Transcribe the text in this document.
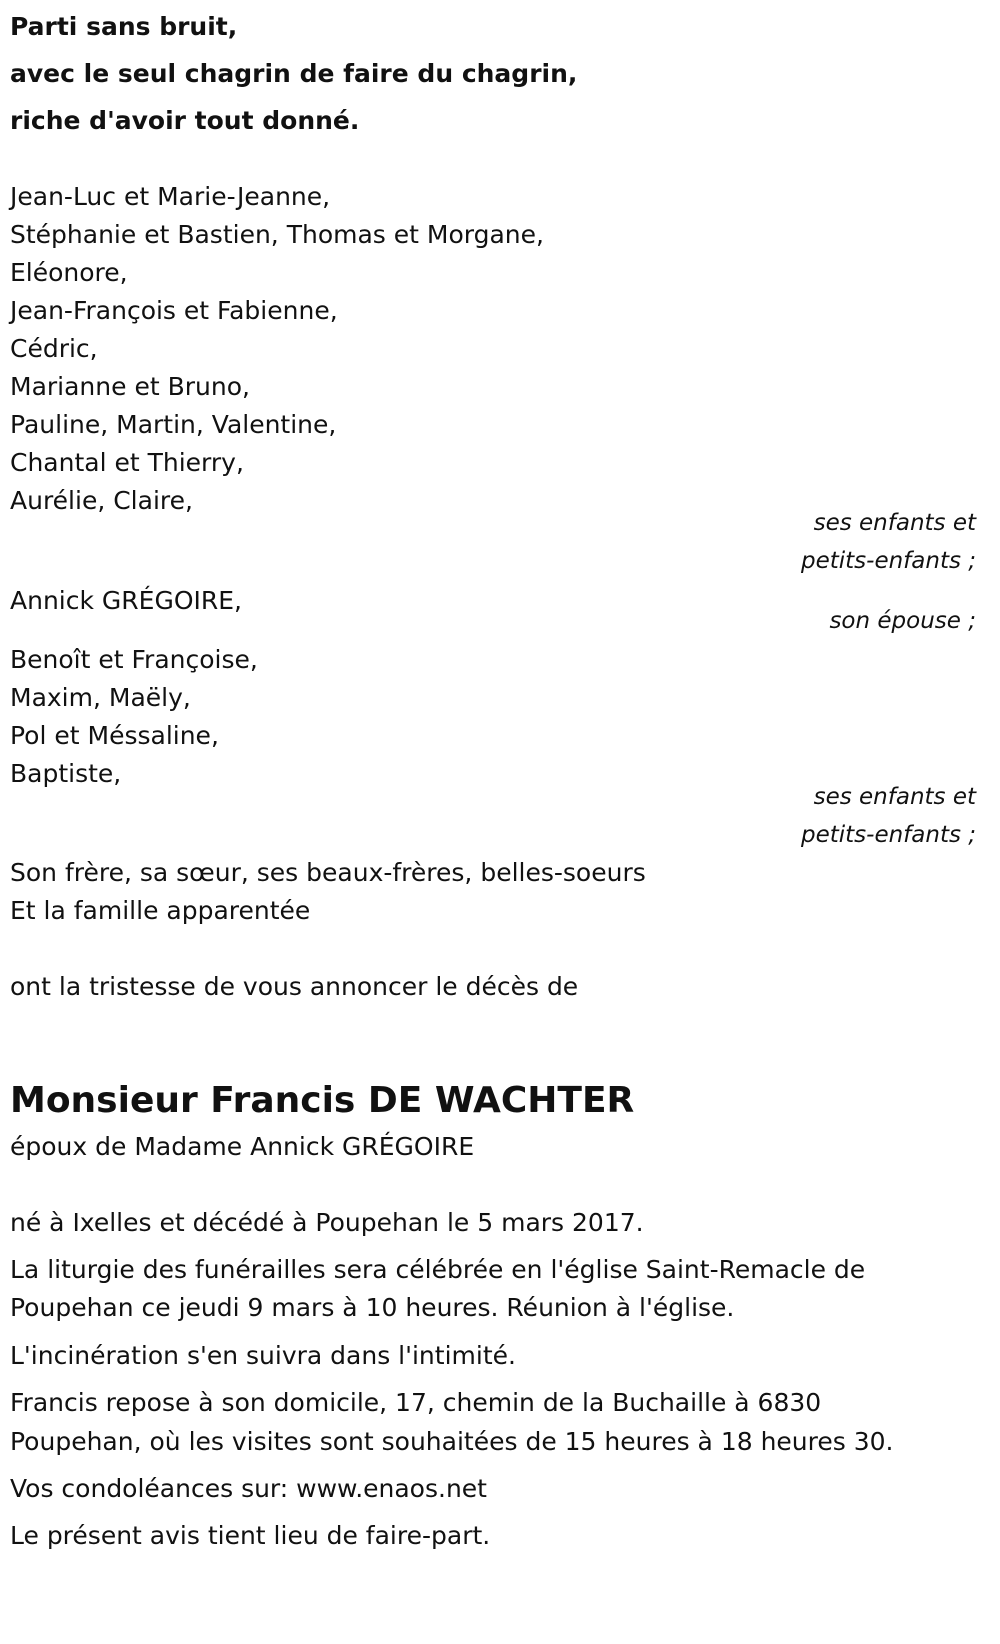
Parti sans bruit,
avec le seul chagrin de faire du chagrin,
riche d'avoir tout donné.
Jean-Luc et Marie-Jeanne,
Stéphanie et Bastien, Thomas et Morgane,
Eléonore,
Jean-François et Fabienne,
Cédric,
Marianne et Bruno,
Pauline, Martin, Valentine,
Chantal et Thierry,
Aurélie, Claire,
ses enfants et
petits-enfants ;
Annick GRÉGOIRE,
son épouse ;
Benoît et Françoise,
Maxim, Maëly,
Pol et Méssaline,
Baptiste,
ses enfants et
petits-enfants ;
Son frère, sa sœur, ses beaux-frères, belles-soeurs
Et la famille apparentée
ont la tristesse de vous annoncer le décès de
Monsieur Francis DE WACHTER
époux de Madame Annick GRÉGOIRE
né à Ixelles et décédé à Poupehan le 5 mars 2017.
La liturgie des funérailles sera célébrée en l'église Saint-Remacle de
Poupehan ce jeudi 9 mars à 10 heures. Réunion à l'église.
L'incinération s'en suivra dans l'intimité.
Francis repose à son domicile, 17, chemin de la Buchaille à 6830
Poupehan, où les visites sont souhaitées de 15 heures à 18 heures 30.
Vos condoléances sur: www.enaos.net
Le présent avis tient lieu de faire-part.
